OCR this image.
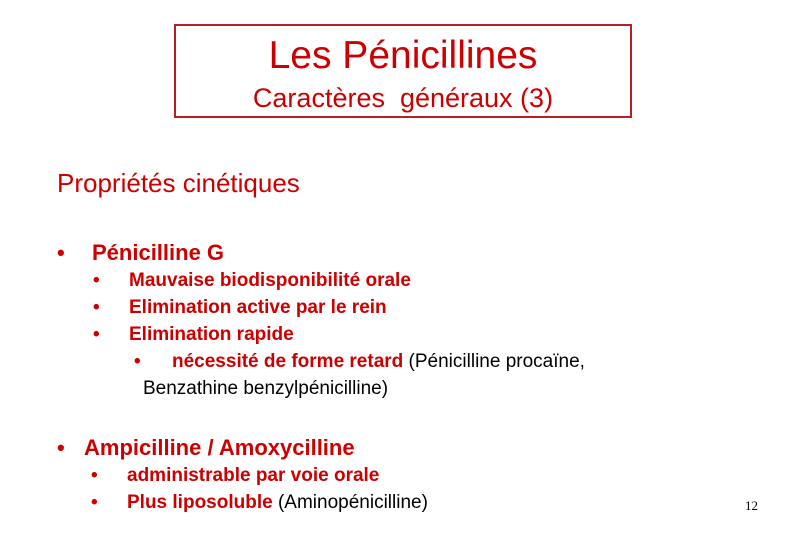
Les Pénicillines
Caractères  généraux (3)
Propriétés cinétiques
• Pénicilline G
• Mauvaise biodisponibilité orale
• Elimination active par le rein
• Elimination rapide
• nécessité de forme retard (Pénicilline procaïne,
Benzathine benzylpénicilline)
• Ampicilline / Amoxycilline
• administrable par voie orale
• Plus liposoluble (Aminopénicilline)	12
